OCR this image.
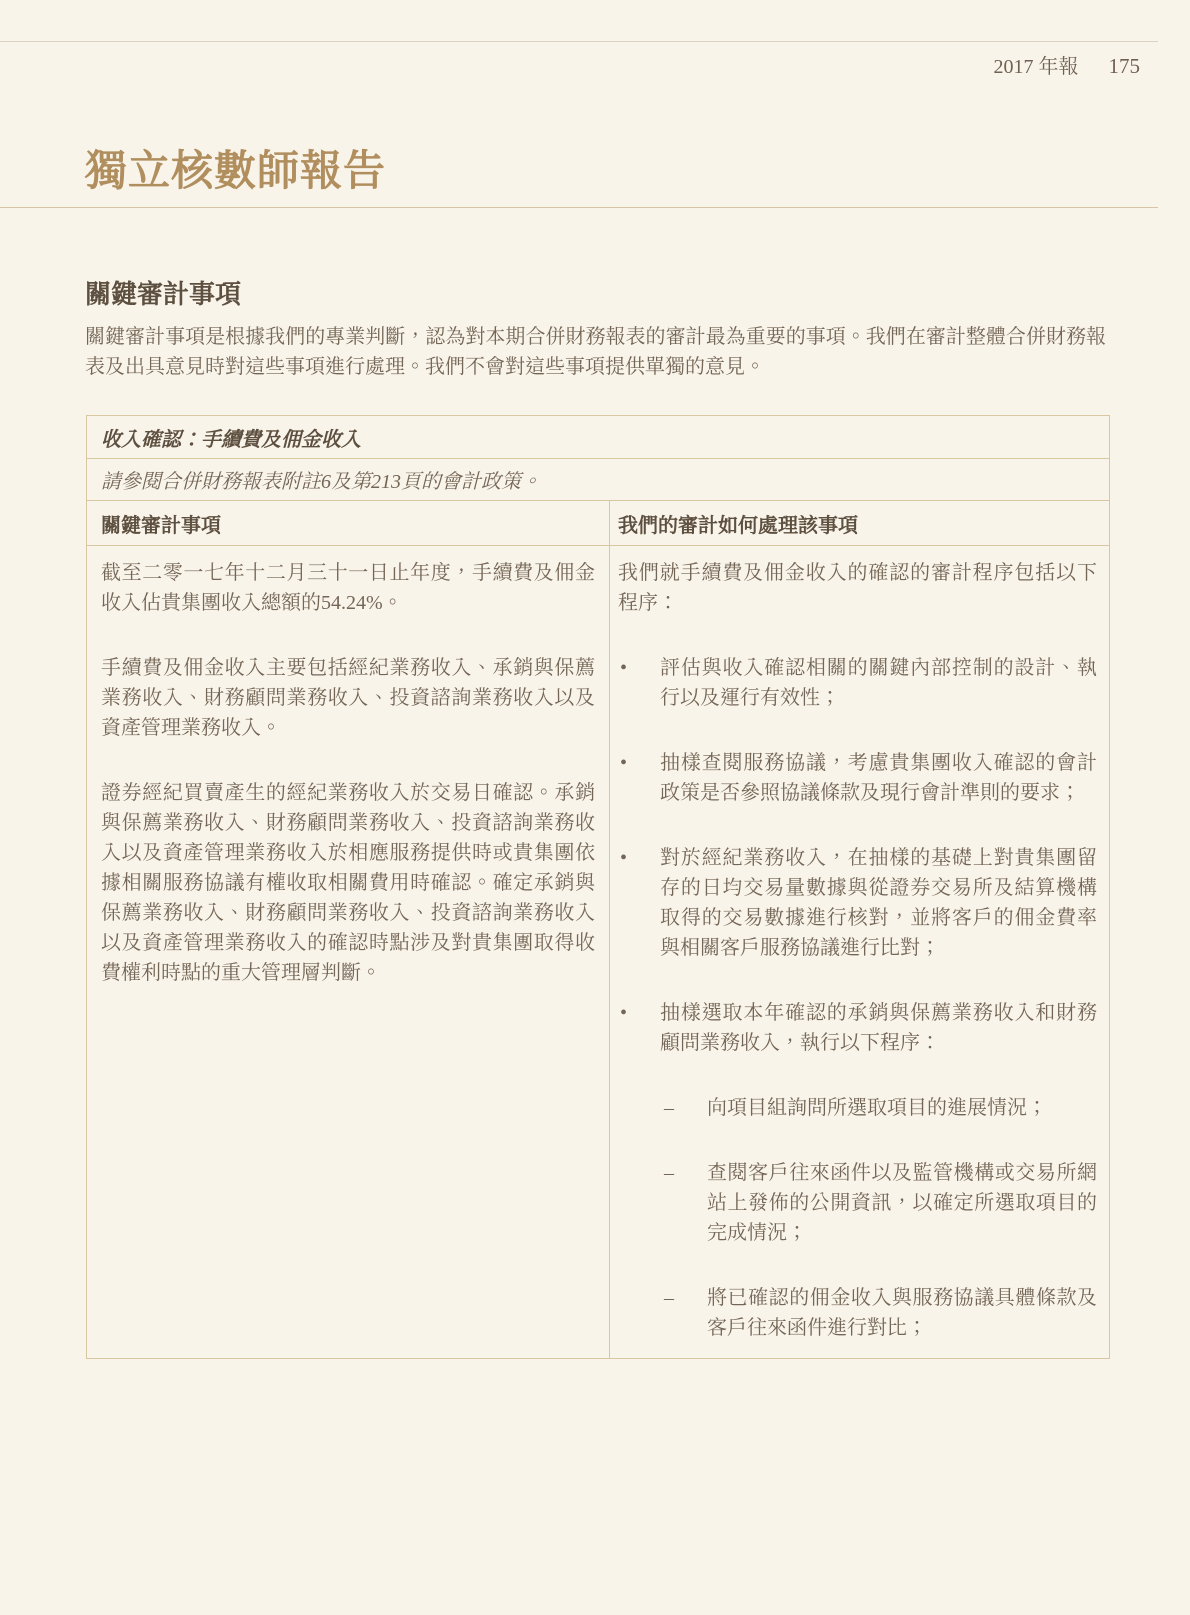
2017 年報 175
獨立核數師報告
關鍵審計事項
關鍵審計事項是根據我們的專業判斷，認為對本期合併財務報表的審計最為重要的事項。我們在審計整體合併財務報表及出具意見時對這些事項進行處理。我們不會對這些事項提供單獨的意見。
收入確認：手續費及佣金收入
請參閱合併財務報表附註6及第213頁的會計政策。
關鍵審計事項	我們的審計如何處理該事項

截至二零一七年十二月三十一日止年度，手續費及佣金收入佔貴集團收入總額的54.24%。

手續費及佣金收入主要包括經紀業務收入、承銷與保薦業務收入、財務顧問業務收入、投資諮詢業務收入以及資產管理業務收入。

證券經紀買賣產生的經紀業務收入於交易日確認。承銷與保薦業務收入、財務顧問業務收入、投資諮詢業務收入以及資產管理業務收入於相應服務提供時或貴集團依據相關服務協議有權收取相關費用時確認。確定承銷與保薦業務收入、財務顧問業務收入、投資諮詢業務收入以及資產管理業務收入的確認時點涉及對貴集團取得收費權利時點的重大管理層判斷。

我們就手續費及佣金收入的確認的審計程序包括以下程序：

• 評估與收入確認相關的關鍵內部控制的設計、執行以及運行有效性；
• 抽樣查閱服務協議，考慮貴集團收入確認的會計政策是否參照協議條款及現行會計準則的要求；
• 對於經紀業務收入，在抽樣的基礎上對貴集團留存的日均交易量數據與從證券交易所及結算機構取得的交易數據進行核對，並將客戶的佣金費率與相關客戶服務協議進行比對；
• 抽樣選取本年確認的承銷與保薦業務收入和財務顧問業務收入，執行以下程序：
– 向項目組詢問所選取項目的進展情況；
– 查閱客戶往來函件以及監管機構或交易所網站上發佈的公開資訊，以確定所選取項目的完成情況；
– 將已確認的佣金收入與服務協議具體條款及客戶往來函件進行對比；
